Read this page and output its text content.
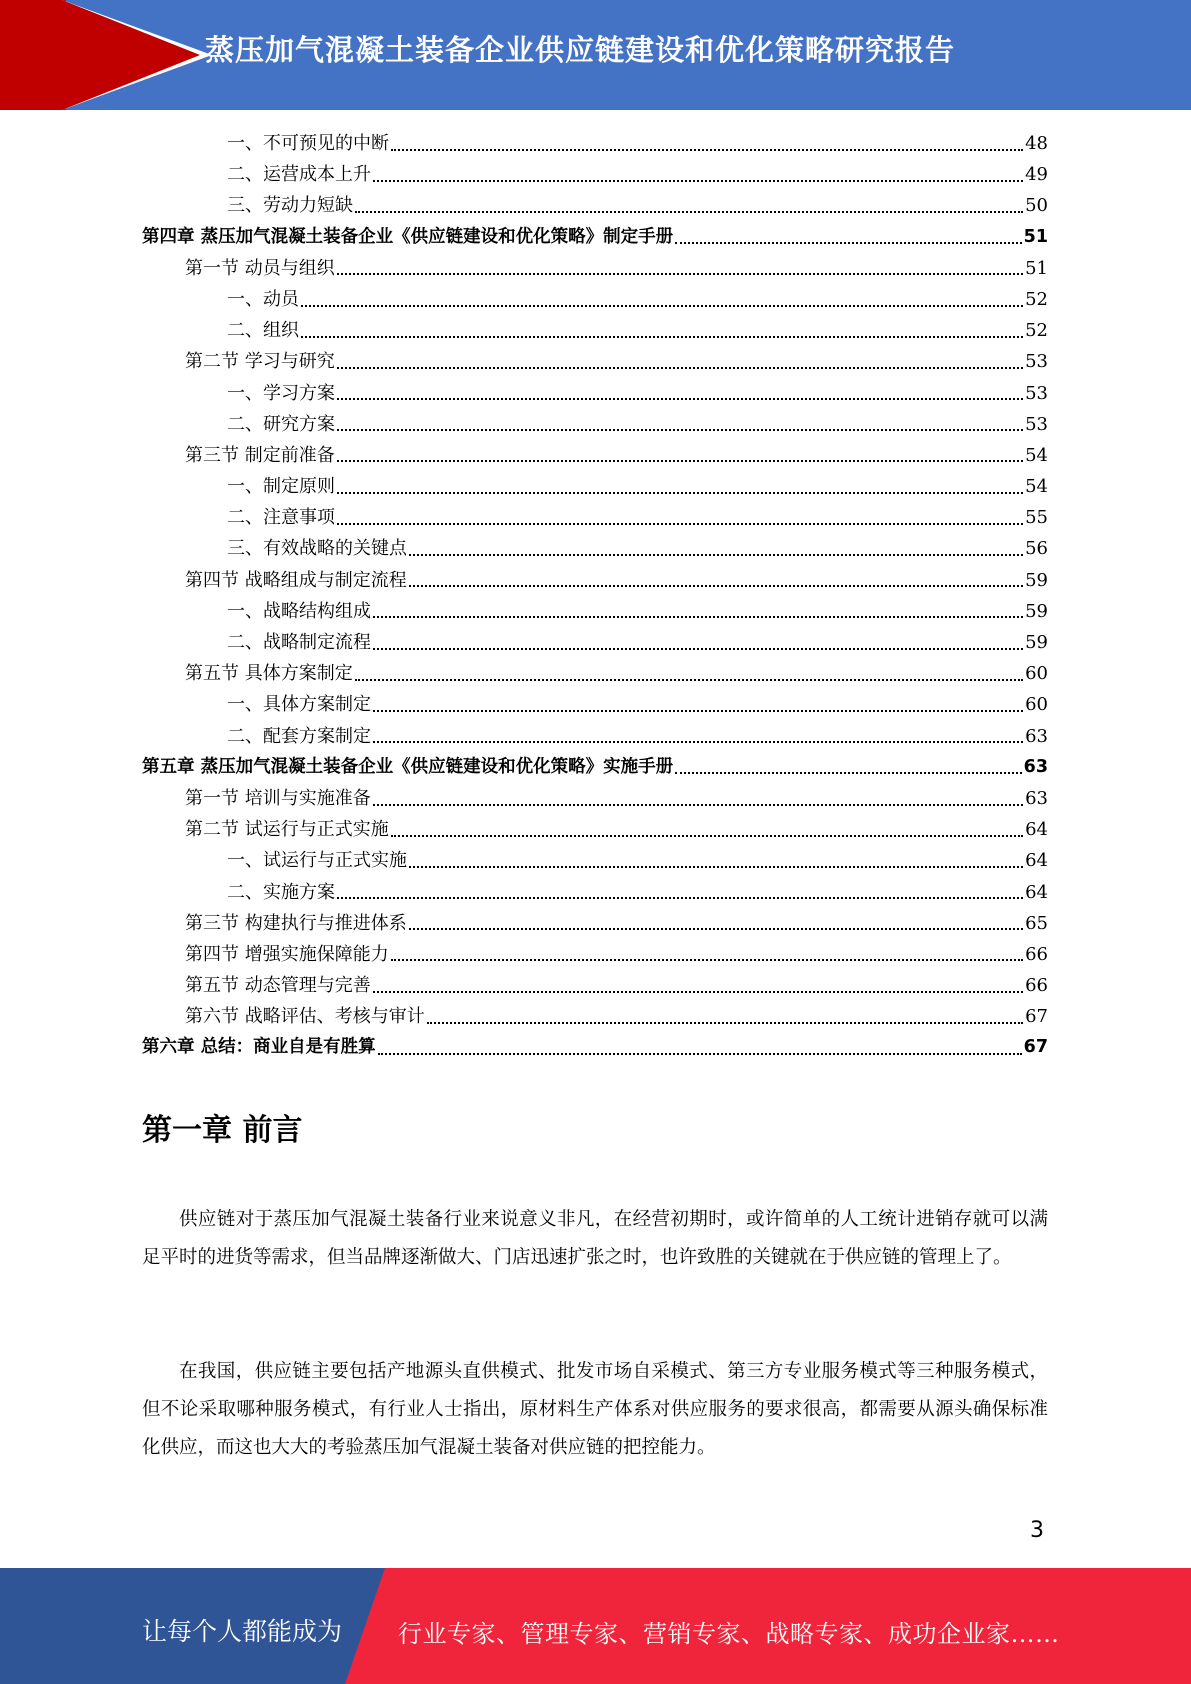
蒸压加气混凝土装备企业供应链建设和优化策略研究报告
一、不可预见的中断	48
二、运营成本上升	49
三、劳动力短缺	50
第四章 蒸压加气混凝土装备企业《供应链建设和优化策略》制定手册	51
第一节 动员与组织	51
一、动员	52
二、组织	52
第二节 学习与研究	53
一、学习方案	53
二、研究方案	53
第三节 制定前准备	54
一、制定原则	54
二、注意事项	55
三、有效战略的关键点	56
第四节 战略组成与制定流程	59
一、战略结构组成	59
二、战略制定流程	59
第五节 具体方案制定	60
一、具体方案制定	60
二、配套方案制定	63
第五章 蒸压加气混凝土装备企业《供应链建设和优化策略》实施手册	63
第一节 培训与实施准备	63
第二节 试运行与正式实施	64
一、试运行与正式实施	64
二、实施方案	64
第三节 构建执行与推进体系	65
第四节 增强实施保障能力	66
第五节 动态管理与完善	66
第六节 战略评估、考核与审计	67
第六章 总结：商业自是有胜算	67
第一章 前言
供应链对于蒸压加气混凝土装备行业来说意义非凡，在经营初期时，或许简单的人工统计进销存就可以满足平时的进货等需求，但当品牌逐渐做大、门店迅速扩张之时，也许致胜的关键就在于供应链的管理上了。
在我国，供应链主要包括产地源头直供模式、批发市场自采模式、第三方专业服务模式等三种服务模式，但不论采取哪种服务模式，有行业人士指出，原材料生产体系对供应服务的要求很高，都需要从源头确保标准化供应，而这也大大的考验蒸压加气混凝土装备对供应链的把控能力。
3
让每个人都能成为 行业专家、管理专家、营销专家、战略专家、成功企业家……
